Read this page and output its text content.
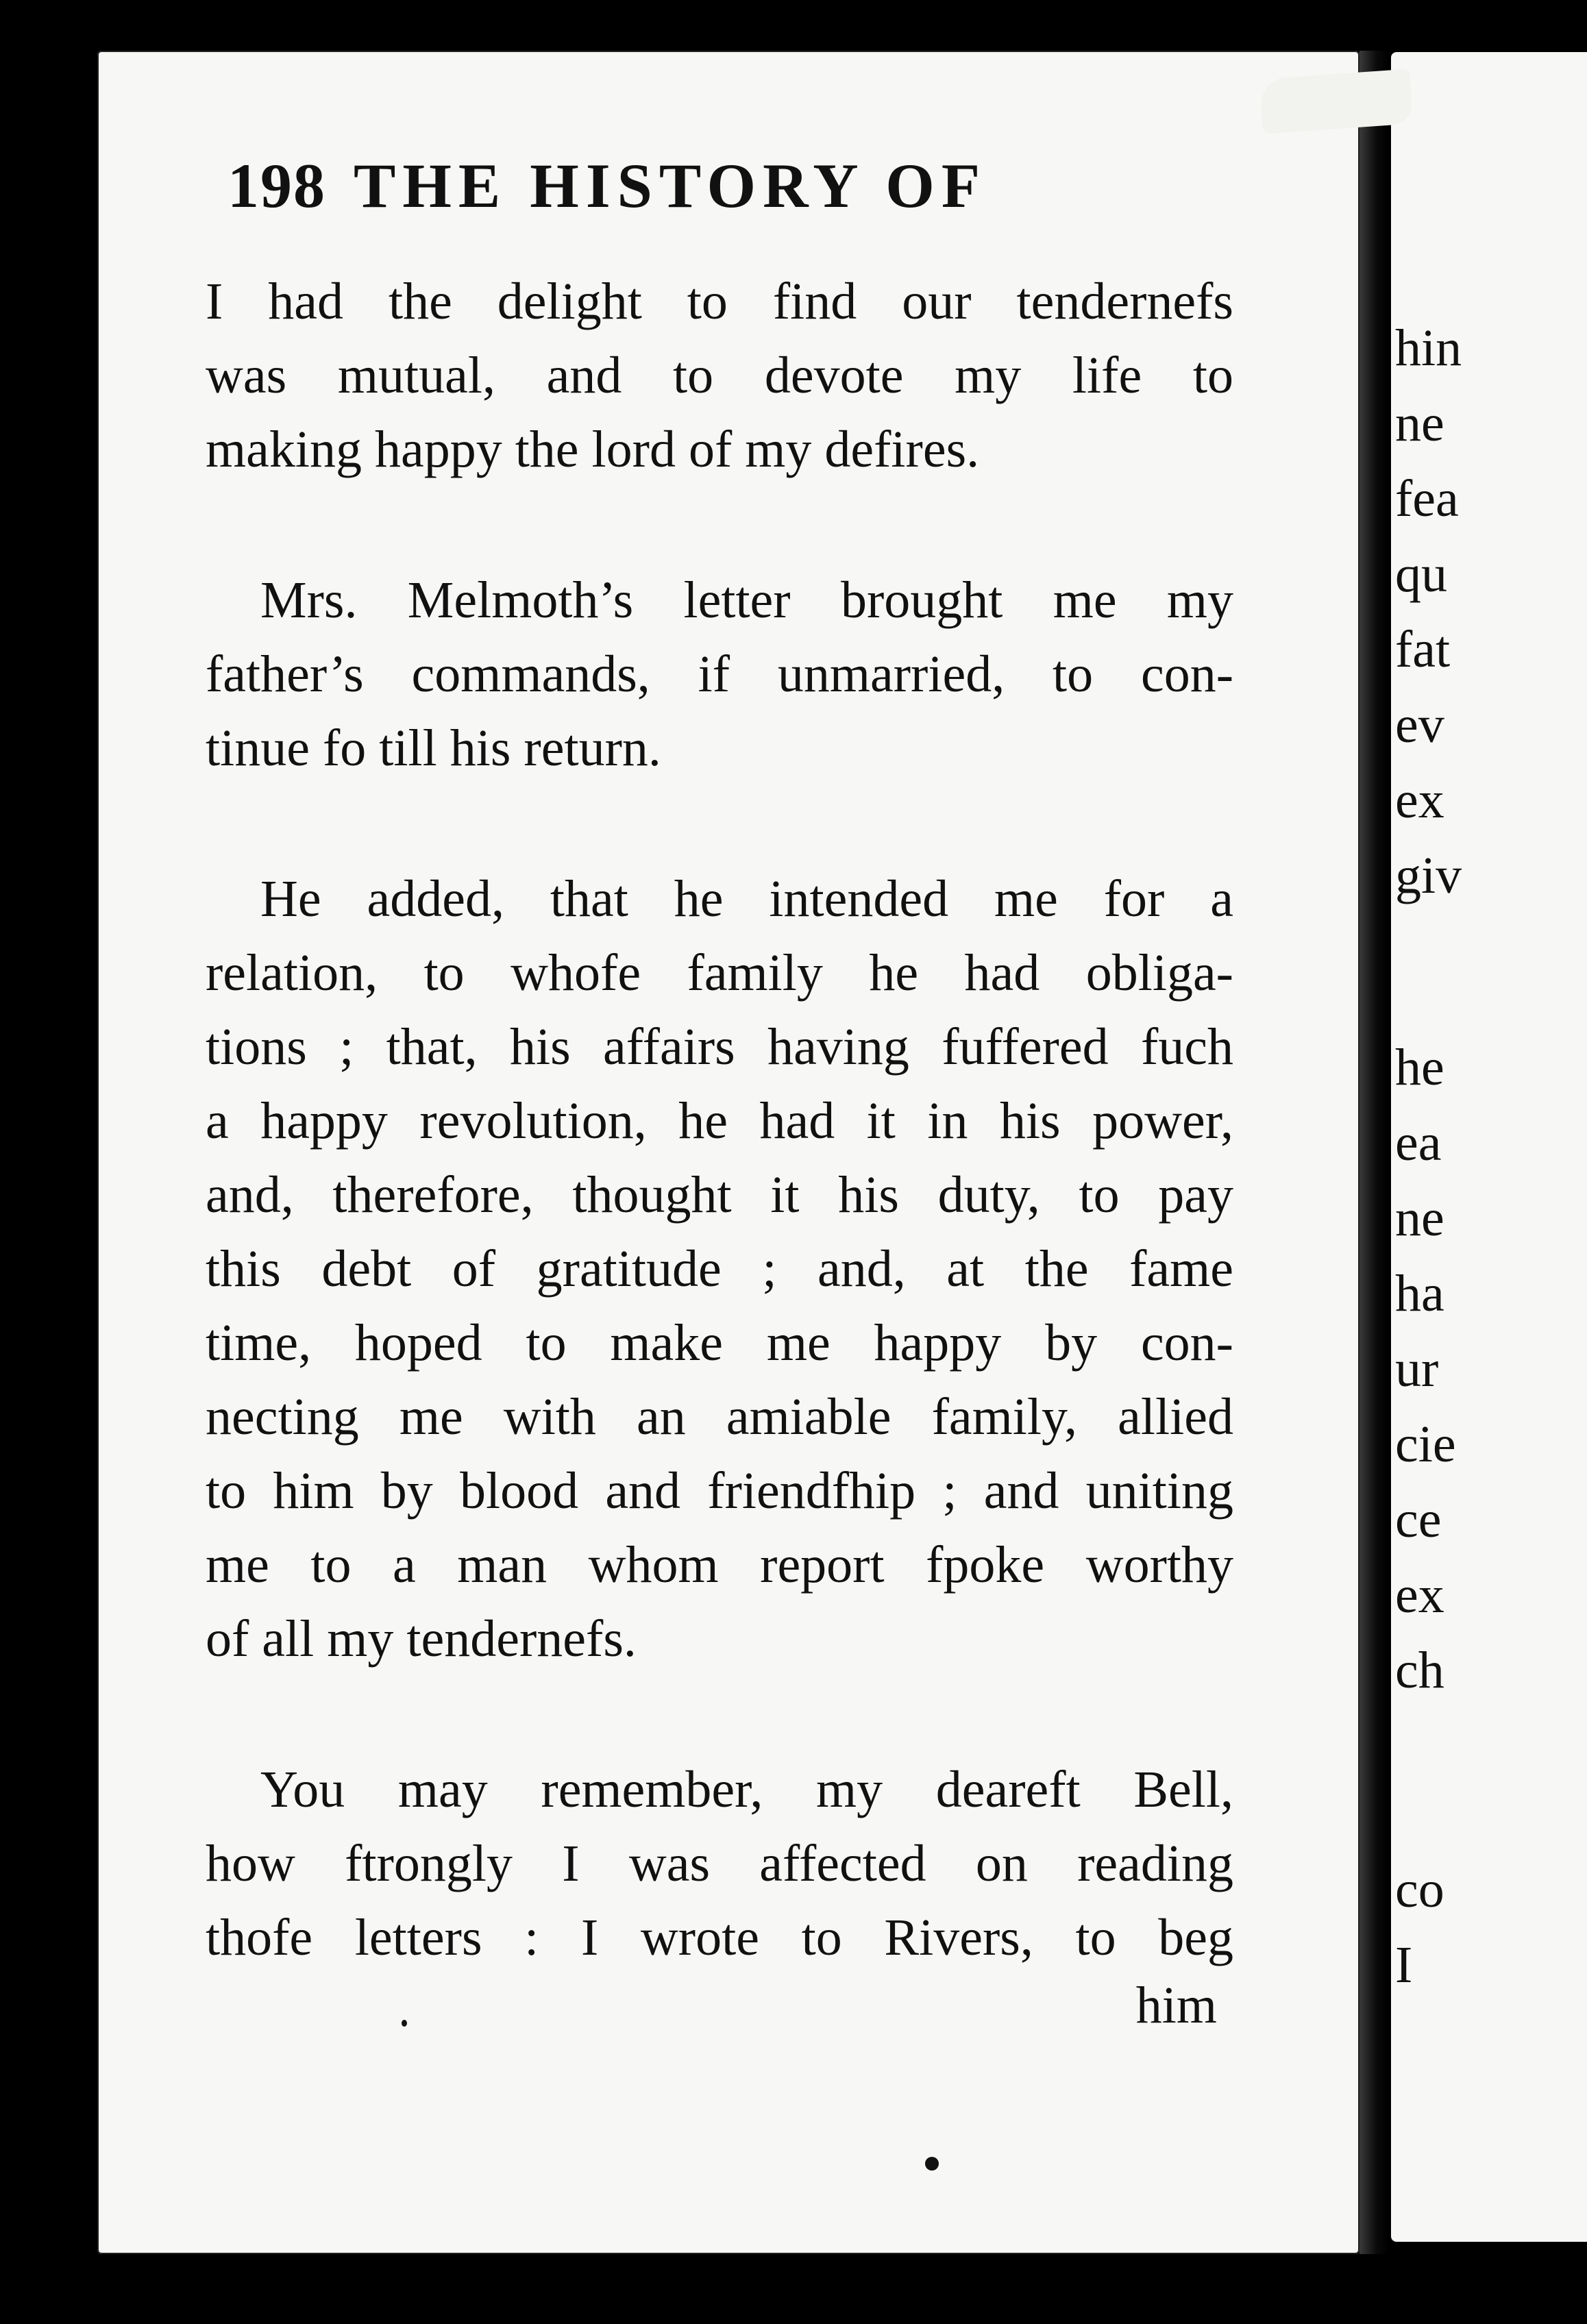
hin

ne

fea

qu

fat

ev

ex

giv

he

ea

ne

ha

ur

cie

ce

ex

ch

co

I

198 THE HISTORY OF
I had the delight to find our tendernefs
was mutual, and to devote my life to
making happy the lord of my defires.
Mrs. Melmoth’s letter brought me my
father’s commands, if unmarried, to con-
tinue fo till his return.
He added, that he intended me for a
relation, to whofe family he had obliga-
tions ; that, his affairs having fuffered fuch
a happy revolution, he had it in his power,
and, therefore, thought it his duty, to pay
this debt of gratitude ; and, at the fame
time, hoped to make me happy by con-
necting me with an amiable family, allied
to him by blood and friendfhip ; and uniting
me to a man whom report fpoke worthy
of all my tendernefs.
You may remember, my deareft Bell,
how ftrongly I was affected on reading
thofe letters : I wrote to Rivers, to beg

him
